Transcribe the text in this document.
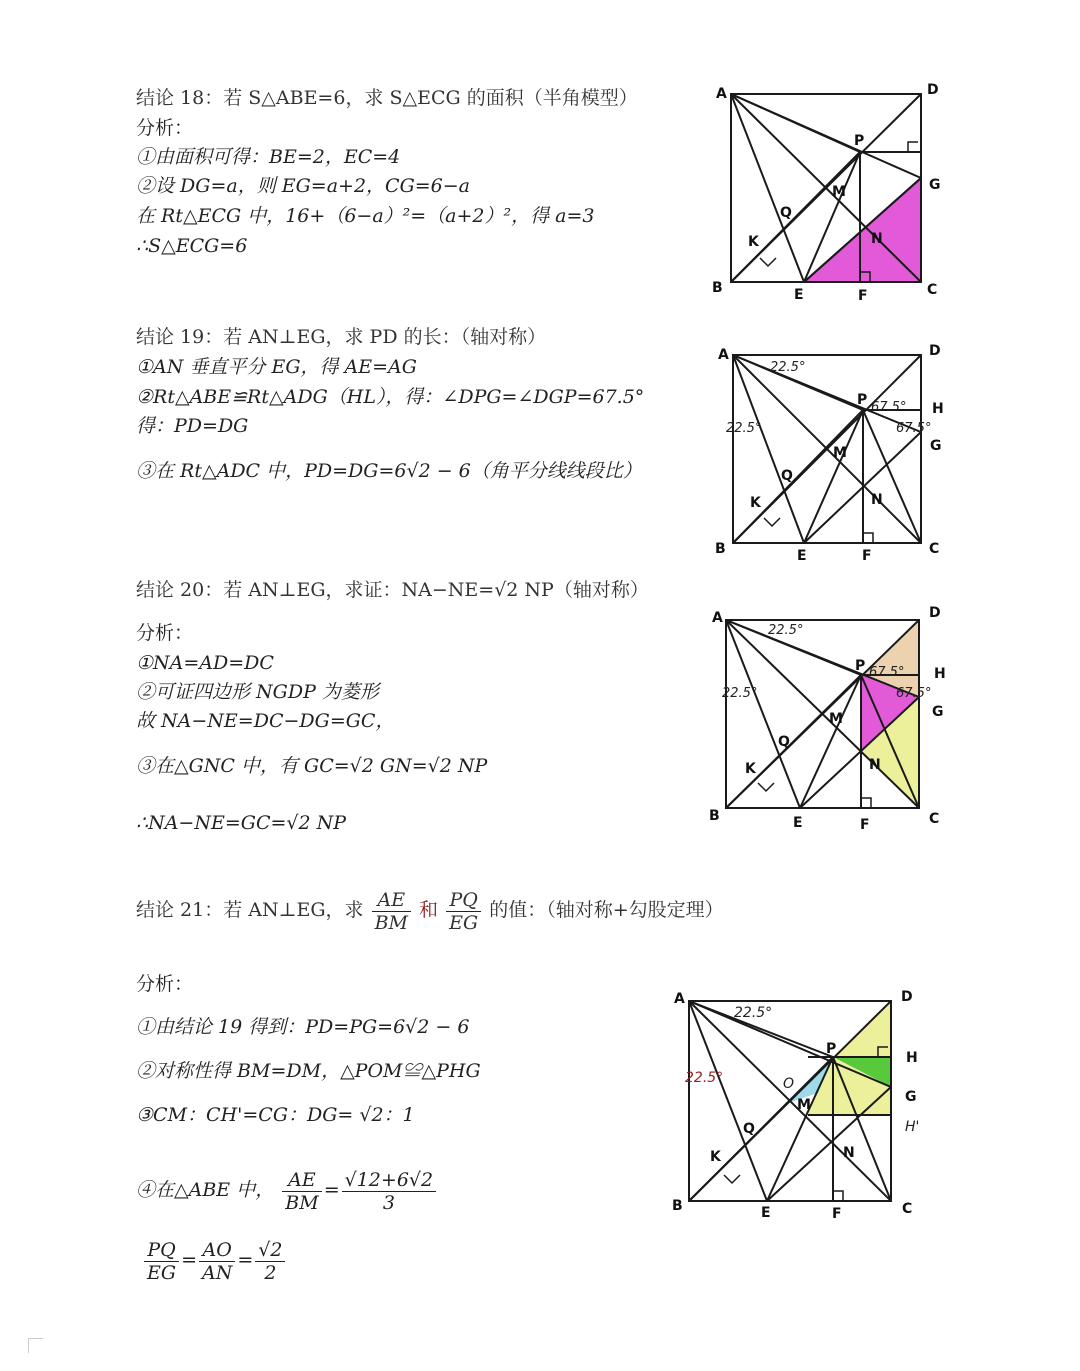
结论 18：若 S△ABE=6，求 S△ECG 的面积（半角模型）
分析：
①由面积可得：BE=2，EC=4
②设 DG=a，则 EG=a+2，CG=6−a
在 Rt△ECG 中，16+（6−a）²=（a+2）²，得 a=3
∴S△ECG=6
结论 19：若 AN⊥EG，求 PD 的长：（轴对称）
①AN 垂直平分 EG，得 AE=AG
②Rt△ABE≌Rt△ADG（HL），得：∠DPG=∠DGP=67.5°
得：PD=DG
③在 Rt△ADC 中，PD=DG=6√2 − 6（角平分线线段比）
结论 20：若 AN⊥EG，求证：NA−NE=√2 NP（轴对称）
分析：
①NA=AD=DC
②可证四边形 NGDP 为菱形
故 NA−NE=DC−DG=GC，
③在△GNC 中，有 GC=√2 GN=√2 NP
∴NA−NE=GC=√2 NP
结论 21：若 AN⊥EG，求 $\frac{AE}{BM}$ 和 $\frac{PQ}{EG}$ 的值：（轴对称+勾股定理）
分析：
①由结论 19 得到：PD=PG=6√2 − 6
②对称性得 BM=DM，△POM≌△PHG
③CM：CH'=CG：DG= √2：1
④在△ABE 中， $\frac{AE}{BM} = \frac{√12+6√2}{3}$
$\frac{PQ}{EG} = \frac{AO}{AN} = \frac{√2}{2}$
A	D
B	C
E	F
G
P
M
N
Q
K
A	D
B	C
E	F
G
H
P
M
N
Q
K
22.5°
22.5°
67.5°
67.5°
A	D
B	C
E	F
G
H
P
M
N
Q
K
22.5°
22.5°
67.5°
67.5°
A	D
B	C
E	F
G
H
P
M
N
Q
K
O
H'
22.5°
22.5°
